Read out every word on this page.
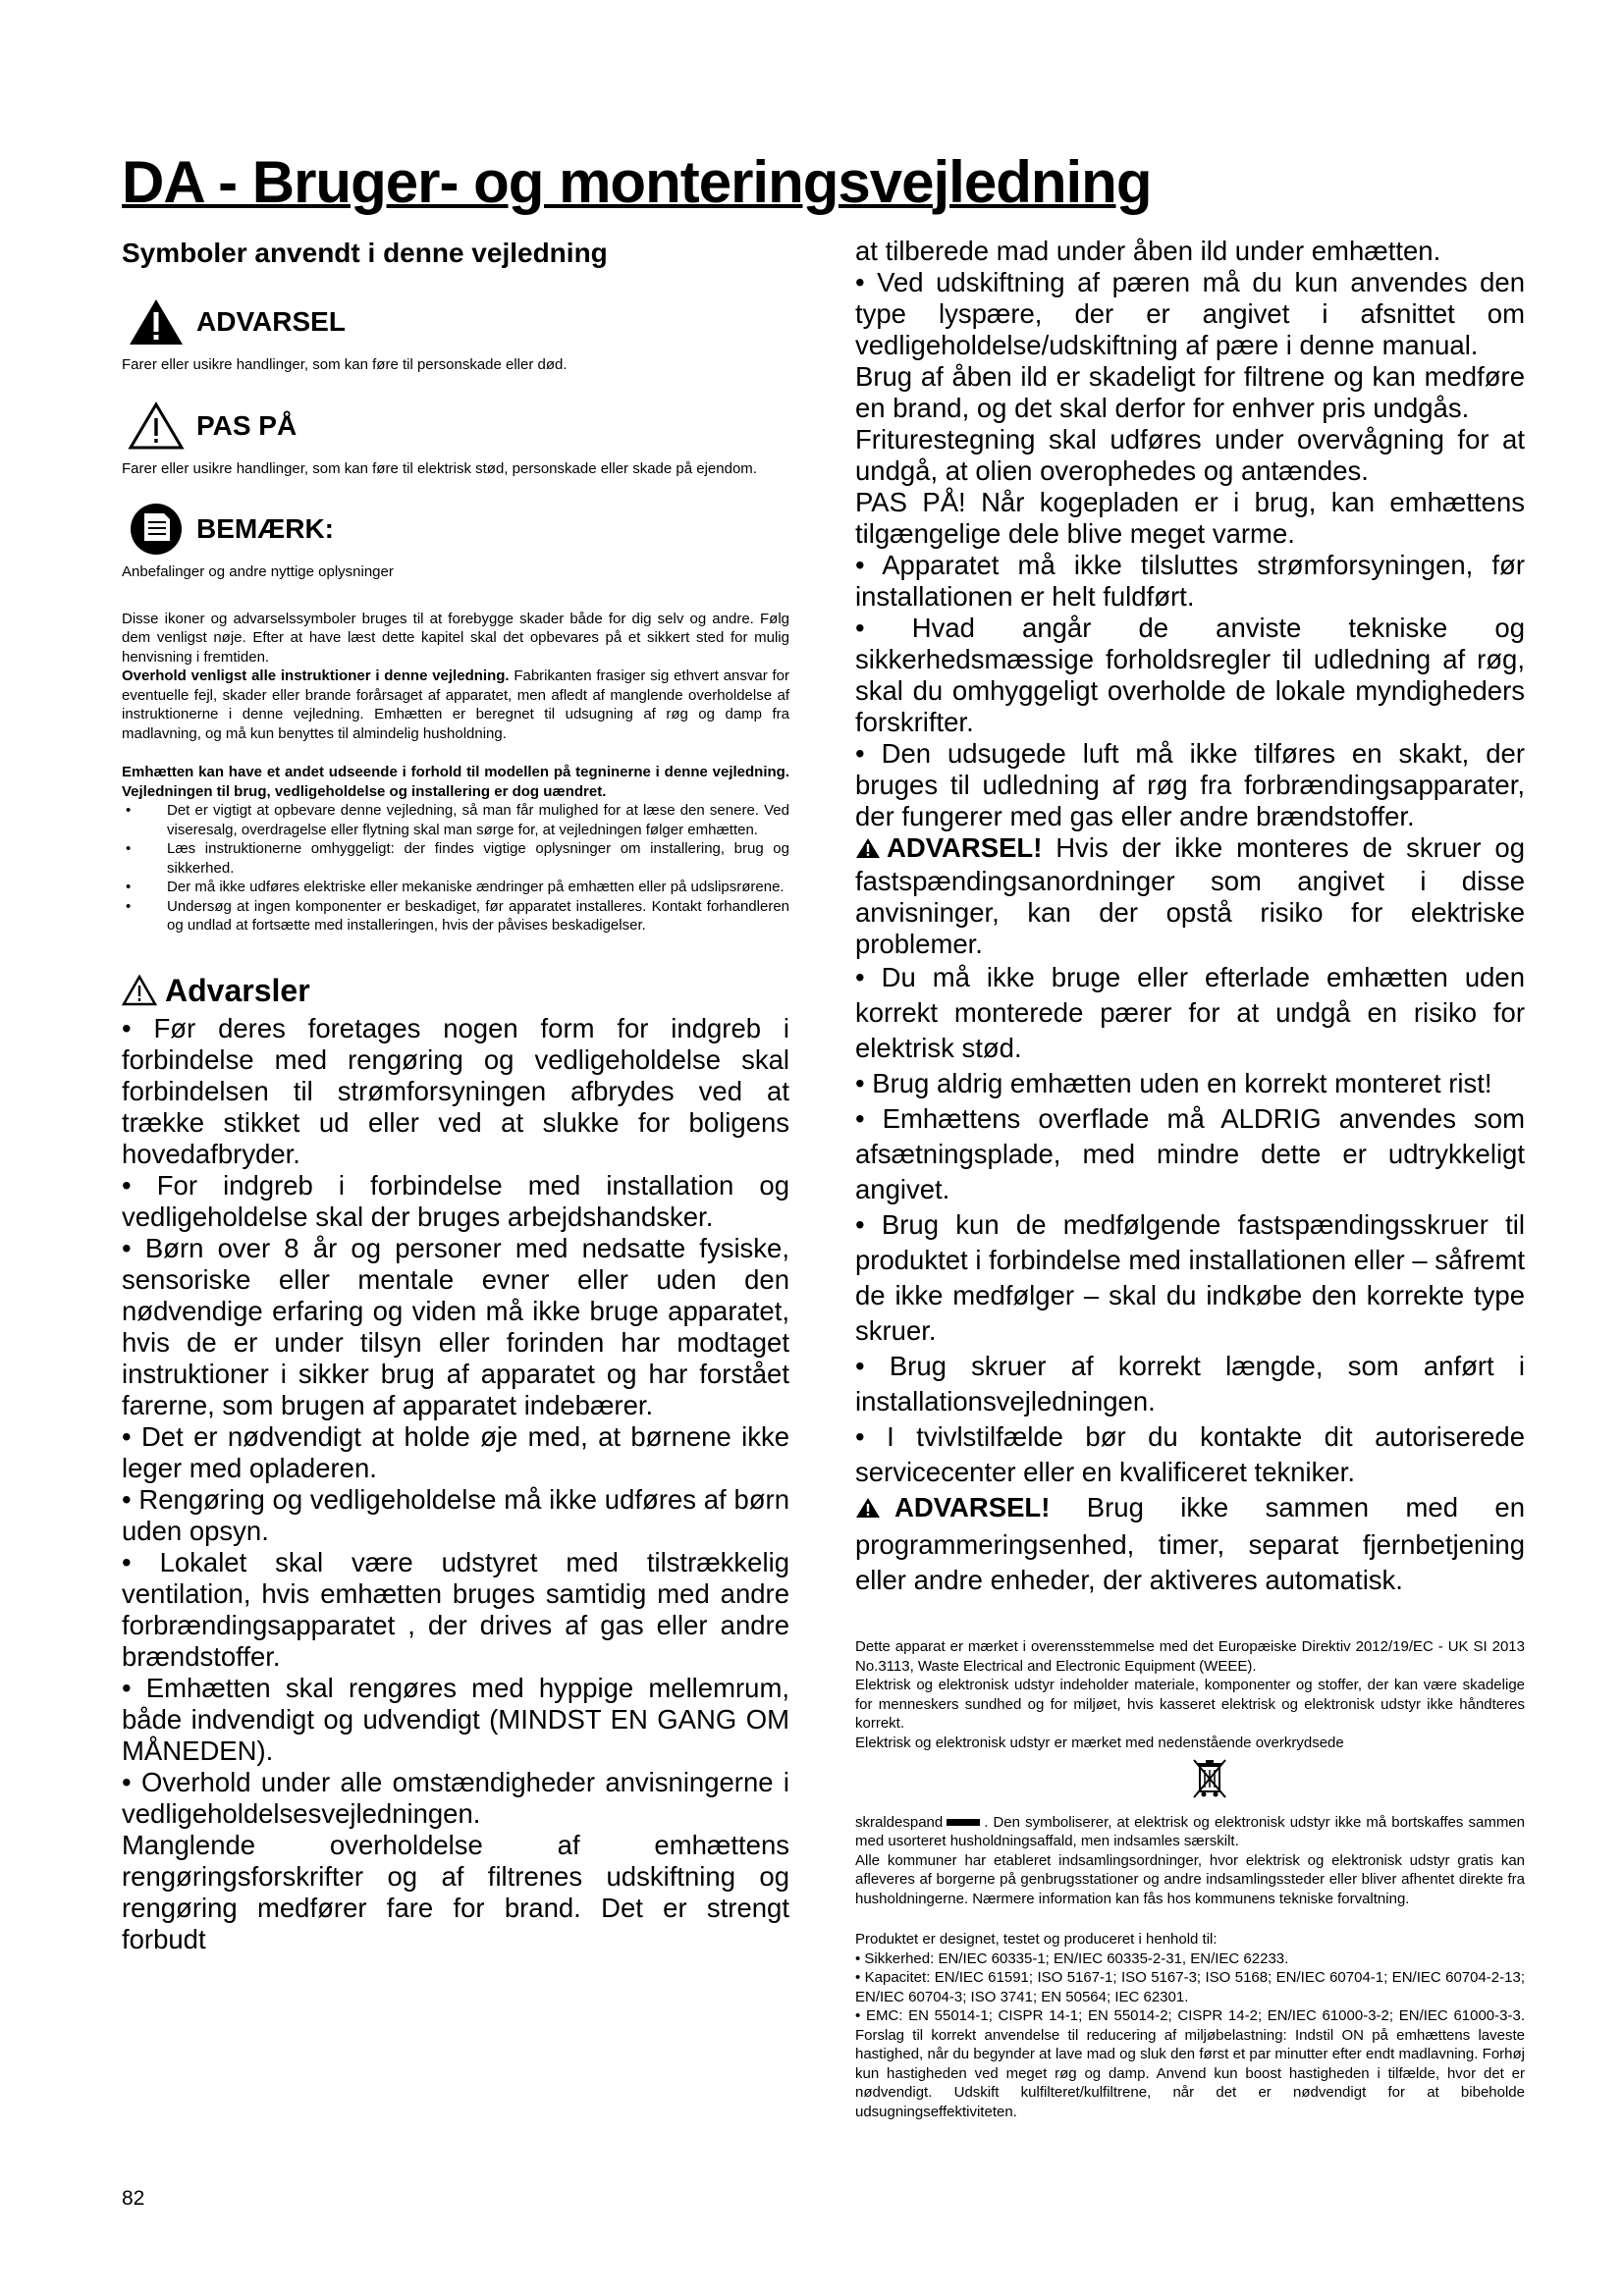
DA - Bruger- og monteringsvejledning
Symboler anvendt i denne vejledning
ADVARSEL
Farer eller usikre handlinger, som kan føre til personskade eller død.
PAS PÅ
Farer eller usikre handlinger, som kan føre til elektrisk stød, personskade eller skade på ejendom.
BEMÆRK:
Anbefalinger og andre nyttige oplysninger

Disse ikoner og advarselssymboler bruges til at forebygge skader både for dig selv og andre. Følg dem venligst nøje. Efter at have læst dette kapitel skal det opbevares på et sikkert sted for mulig henvisning i fremtiden.

Overhold venligst alle instruktioner i denne vejledning. Fabrikanten frasiger sig ethvert ansvar for eventuelle fejl, skader eller brande forårsaget af apparatet, men afledt af manglende overholdelse af instruktionerne i denne vejledning. Emhætten er beregnet til udsugning af røg og damp fra madlavning, og må kun benyttes til almindelig husholdning.

Emhætten kan have et andet udseende i forhold til modellen på tegninerne i denne vejledning. Vejledningen til brug, vedligeholdelse og installering er dog uændret.

• Det er vigtigt at opbevare denne vejledning, så man får mulighed for at læse den senere. Ved viseresalg, overdragelse eller flytning skal man sørge for, at vejledningen følger emhætten.
• Læs instruktionerne omhyggeligt: der findes vigtige oplysninger om installering, brug og sikkerhed.
• Der må ikke udføres elektriske eller mekaniske ændringer på emhætten eller på udslipsrørene.
• Undersøg at ingen komponenter er beskadiget, før apparatet installeres. Kontakt forhandleren og undlad at fortsætte med installeringen, hvis der påvises beskadigelser.
Advarsler

• Før deres foretages nogen form for indgreb i forbindelse med rengøring og vedligeholdelse skal forbindelsen til strømforsyningen afbrydes ved at trække stikket ud eller ved at slukke for boligens hovedafbryder.

• For indgreb i forbindelse med installation og vedligeholdelse skal der bruges arbejdshandsker.

• Børn over 8 år og personer med nedsatte fysiske, sensoriske eller mentale evner eller uden den nødvendige erfaring og viden må ikke bruge apparatet, hvis de er under tilsyn eller forinden har modtaget instruktioner i sikker brug af apparatet og har forstået farerne, som brugen af apparatet indebærer.

• Det er nødvendigt at holde øje med, at børnene ikke leger med opladeren.

• Rengøring og vedligeholdelse må ikke udføres af børn uden opsyn.

• Lokalet skal være udstyret med tilstrækkelig ventilation, hvis emhætten bruges samtidig med andre forbrændingsapparatet , der drives af gas eller andre brændstoffer.

• Emhætten skal rengøres med hyppige mellemrum, både indvendigt og udvendigt (MINDST EN GANG OM MÅNEDEN).

• Overhold under alle omstændigheder anvisningerne i vedligeholdelsesvejledningen.

Manglende overholdelse af emhættens rengøringsforskrifter og af filtrenes udskiftning og rengøring medfører fare for brand. Det er strengt forbudt

at tilberede mad under åben ild under emhætten.

• Ved udskiftning af pæren må du kun anvendes den type lyspære, der er angivet i afsnittet om vedligeholdelse/udskiftning af pære i denne manual.

Brug af åben ild er skadeligt for filtrene og kan medføre en brand, og det skal derfor for enhver pris undgås.

Friturestegning skal udføres under overvågning for at undgå, at olien overophedes og antændes.

PAS PÅ! Når kogepladen er i brug, kan emhættens tilgængelige dele blive meget varme.

• Apparatet må ikke tilsluttes strømforsyningen, før installationen er helt fuldført.

• Hvad angår de anviste tekniske og sikkerhedsmæssige forholdsregler til udledning af røg, skal du omhyggeligt overholde de lokale myndigheders forskrifter.

• Den udsugede luft må ikke tilføres en skakt, der bruges til udledning af røg fra forbrændingsapparater, der fungerer med gas eller andre brændstoffer.

ADVARSEL! Hvis der ikke monteres de skruer og fastspændingsanordninger som angivet i disse anvisninger, kan der opstå risiko for elektriske problemer.

• Du må ikke bruge eller efterlade emhætten uden korrekt monterede pærer for at undgå en risiko for elektrisk stød.

• Brug aldrig emhætten uden en korrekt monteret rist!

• Emhættens overflade må ALDRIG anvendes som afsætningsplade, med mindre dette er udtrykkeligt angivet.

• Brug kun de medfølgende fastspændingsskruer til produktet i forbindelse med installationen eller – såfremt de ikke medfølger – skal du indkøbe den korrekte type skruer.

• Brug skruer af korrekt længde, som anført i installationsvejledningen.

• I tvivlstilfælde bør du kontakte dit autoriserede servicecenter eller en kvalificeret tekniker.

ADVARSEL! Brug ikke sammen med en programmeringsenhed, timer, separat fjernbetjening eller andre enheder, der aktiveres automatisk.

Dette apparat er mærket i overensstemmelse med det Europæiske Direktiv 2012/19/EC - UK SI 2013 No.3113, Waste Electrical and Electronic Equipment (WEEE).

Elektrisk og elektronisk udstyr indeholder materiale, komponenter og stoffer, der kan være skadelige for menneskers sundhed og for miljøet, hvis kasseret elektrisk og elektronisk udstyr ikke håndteres korrekt.

Elektrisk og elektronisk udstyr er mærket med nedenstående overkrydsede

skraldespand	. Den symboliserer, at elektrisk og elektronisk udstyr ikke må bortskaffes sammen med usorteret husholdningsaffald, men indsamles særskilt.

Alle kommuner har etableret indsamlingsordninger, hvor elektrisk og elektronisk udstyr gratis kan afleveres af borgerne på genbrugsstationer og andre indsamlingssteder eller bliver afhentet direkte fra husholdningerne. Nærmere information kan fås hos kommunens tekniske forvaltning.

Produktet er designet, testet og produceret i henhold til:

• Sikkerhed: EN/IEC 60335-1; EN/IEC 60335-2-31, EN/IEC 62233.

• Kapacitet: EN/IEC 61591; ISO 5167-1; ISO 5167-3; ISO 5168; EN/IEC 60704-1; EN/IEC 60704-2-13; EN/IEC 60704-3; ISO 3741; EN 50564; IEC 62301.

• EMC: EN 55014-1; CISPR 14-1; EN 55014-2; CISPR 14-2; EN/IEC 61000-3-2; EN/IEC 61000-3-3. Forslag til korrekt anvendelse til reducering af miljøbelastning: Indstil ON på emhættens laveste hastighed, når du begynder at lave mad og sluk den først et par minutter efter endt madlavning. Forhøj kun hastigheden ved meget røg og damp. Anvend kun boost hastigheden i tilfælde, hvor det er nødvendigt. Udskift kulfilteret/kulfiltrene, når det er nødvendigt for at bibeholde udsugningseffektiviteten.

82
